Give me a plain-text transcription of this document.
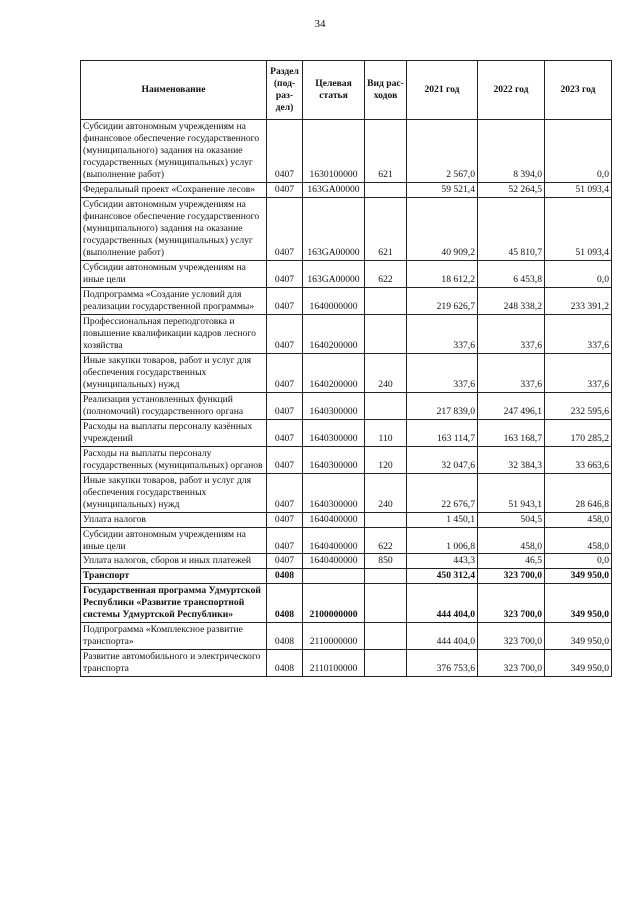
34
Наименование	Раздел (под-раз-дел)	Целевая статья	Вид рас-ходов	2021 год	2022 год	2023 год

Субсидии автономным учреждениям на финансовое обеспечение государственного (муниципального) задания на оказание государственных (муниципальных) услуг (выполнение работ)	0407	1630100000	621	2 567,0	8 394,0	0,0

Федеральный проект «Сохранение лесов»	0407	163GA00000		59 521,4	52 264,5	51 093,4

Субсидии автономным учреждениям на финансовое обеспечение государственного (муниципального) задания на оказание государственных (муниципальных) услуг (выполнение работ)	0407	163GA00000	621	40 909,2	45 810,7	51 093,4

Субсидии автономным учреждениям на иные цели	0407	163GA00000	622	18 612,2	6 453,8	0,0

Подпрограмма «Создание условий для реализации государственной программы»	0407	1640000000		219 626,7	248 338,2	233 391,2

Профессиональная переподготовка и повышение квалификации кадров лесного хозяйства	0407	1640200000		337,6	337,6	337,6

Иные закупки товаров, работ и услуг для обеспечения государственных (муниципальных) нужд	0407	1640200000	240	337,6	337,6	337,6

Реализация установленных функций (полномочий) государственного органа	0407	1640300000		217 839,0	247 496,1	232 595,6

Расходы на выплаты персоналу казённых учреждений	0407	1640300000	110	163 114,7	163 168,7	170 285,2

Расходы на выплаты персоналу государственных (муниципальных) органов	0407	1640300000	120	32 047,6	32 384,3	33 663,6

Иные закупки товаров, работ и услуг для обеспечения государственных (муниципальных) нужд	0407	1640300000	240	22 676,7	51 943,1	28 646,8

Уплата налогов	0407	1640400000		1 450,1	504,5	458,0

Субсидии автономным учреждениям на иные цели	0407	1640400000	622	1 006,8	458,0	458,0

Уплата налогов, сборов и иных платежей	0407	1640400000	850	443,3	46,5	0,0

Транспорт	0408			450 312,4	323 700,0	349 950,0

Государственная программа Удмуртской Республики «Развитие транспортной системы Удмуртской Республики»	0408	2100000000		444 404,0	323 700,0	349 950,0

Подпрограмма «Комплексное развитие транспорта»	0408	2110000000		444 404,0	323 700,0	349 950,0

Развитие автомобильного и электрического транспорта	0408	2110100000		376 753,6	323 700,0	349 950,0
